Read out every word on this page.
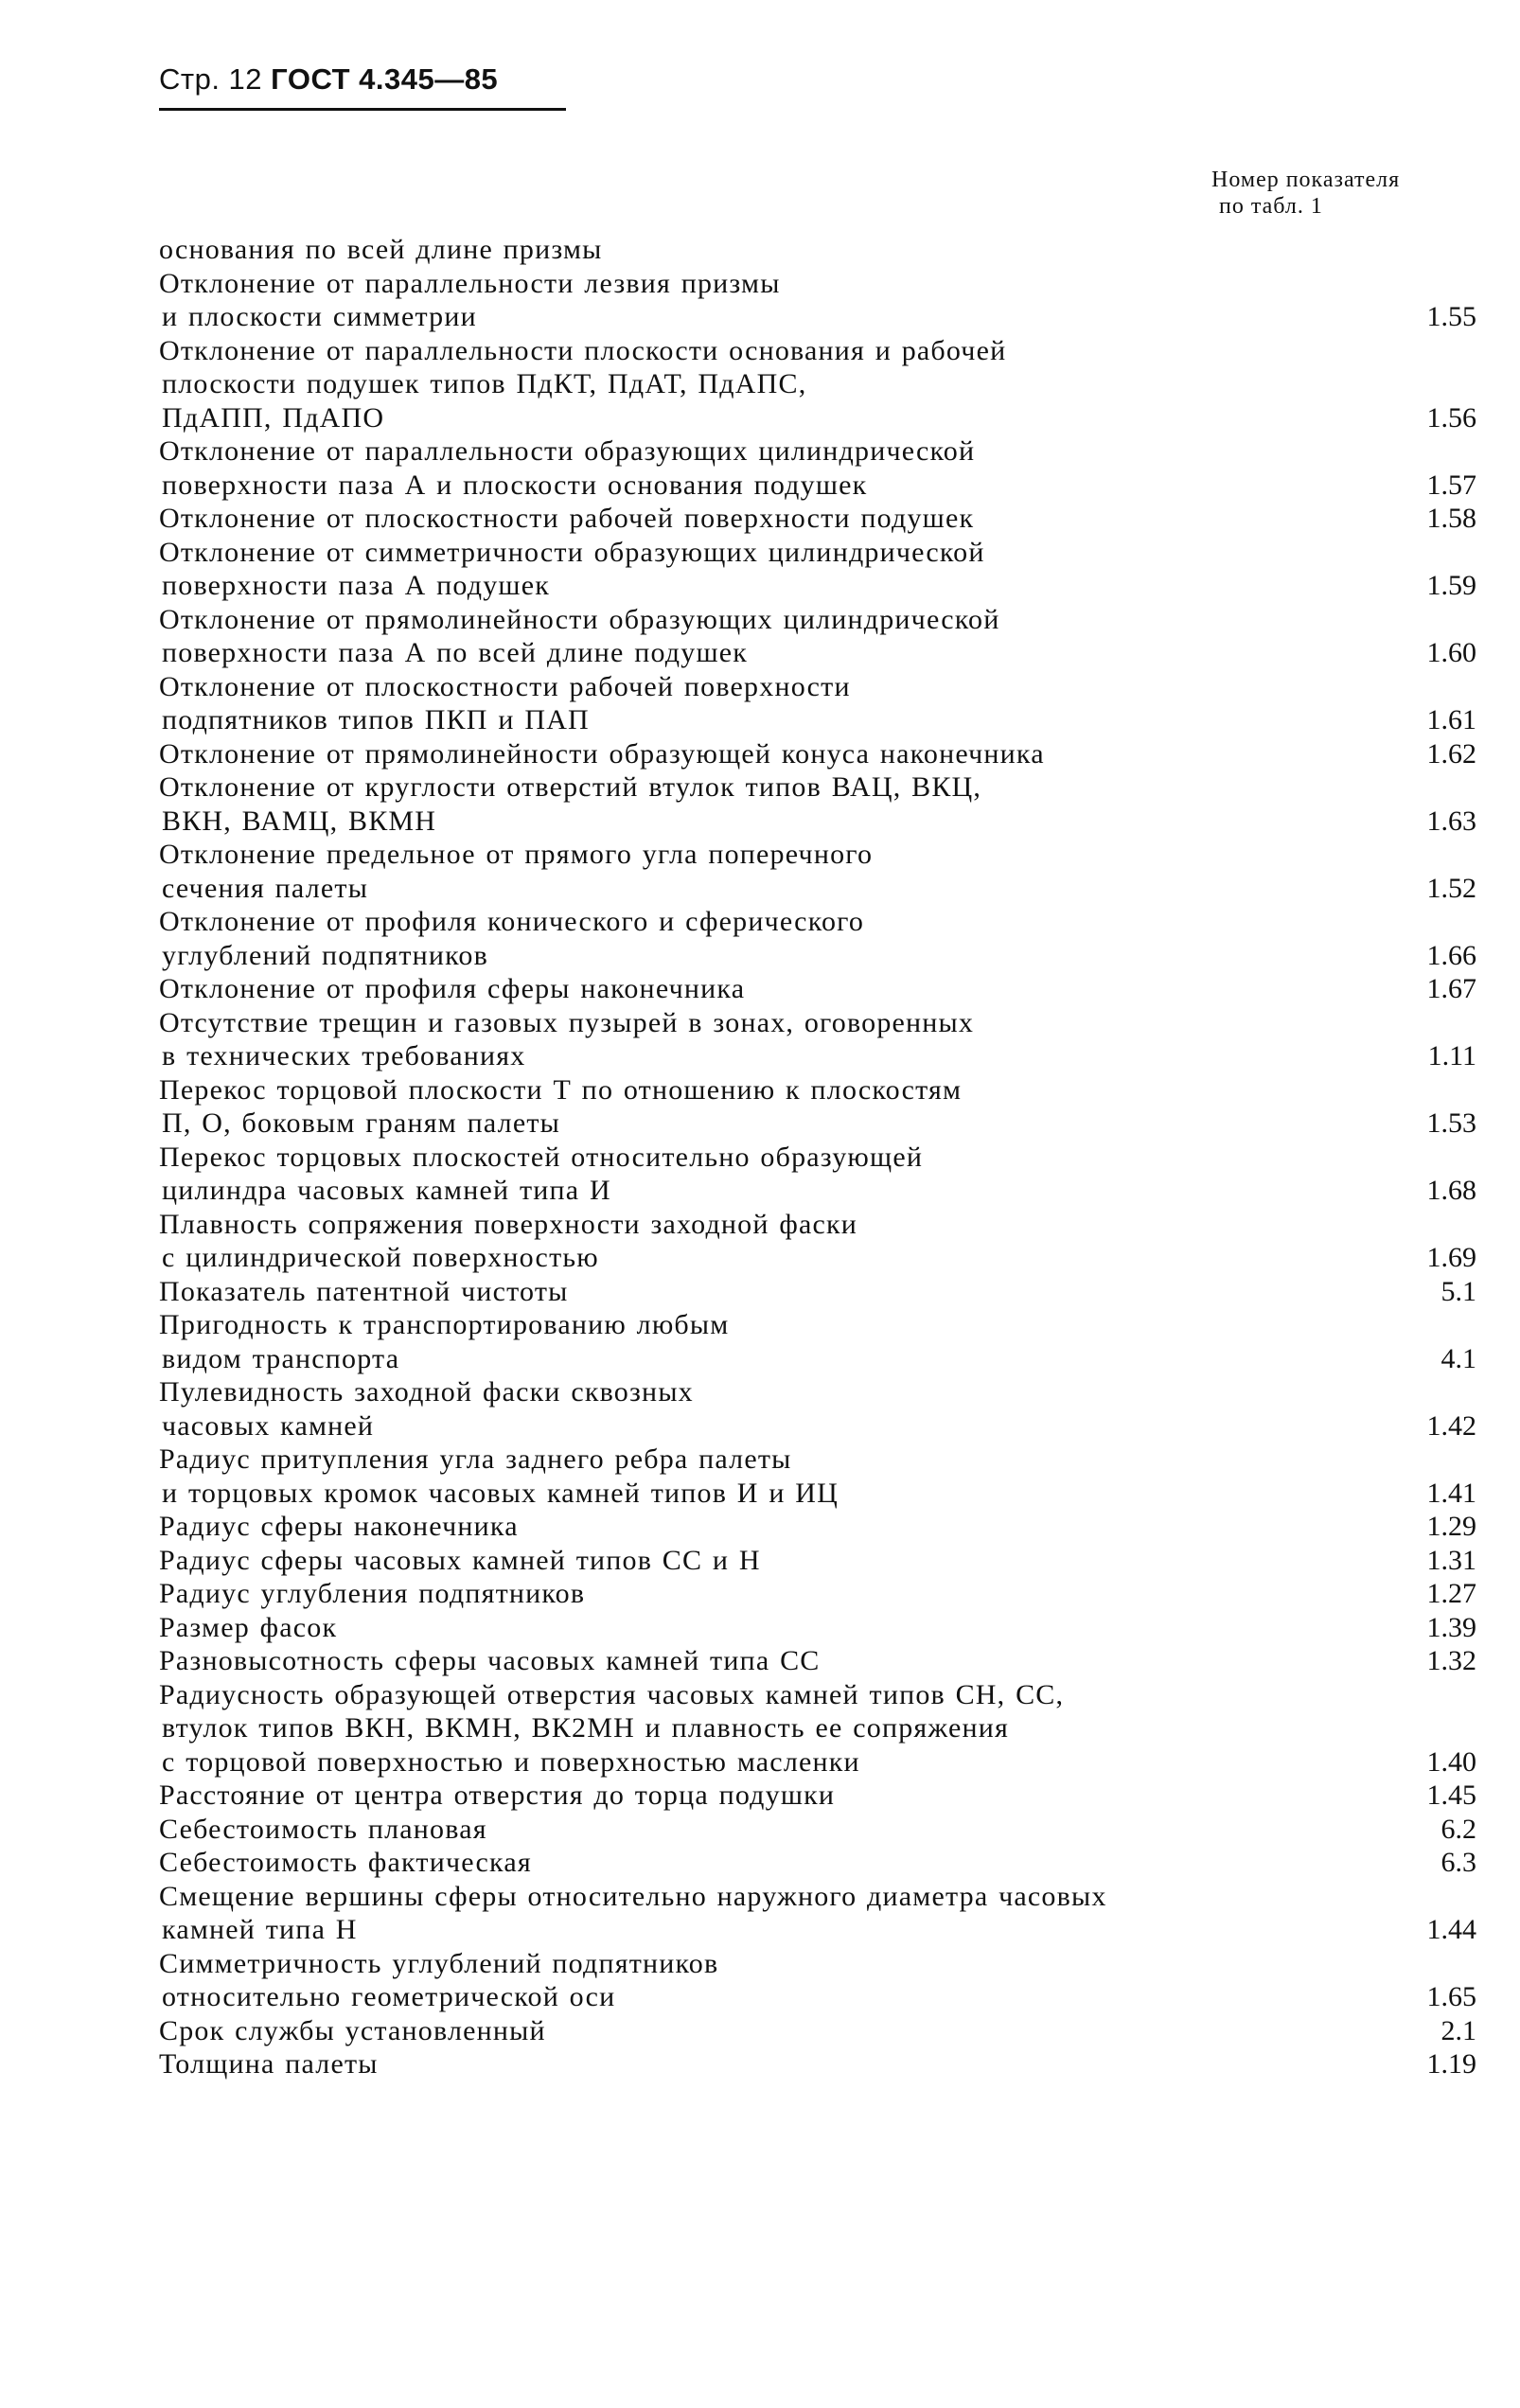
Стр. 12 ГОСТ 4.345—85
Номер показателя
по табл. 1
основания по всей длине призмы
Отклонение от параллельности лезвия призмы
и плоскости симметрии	1.55
Отклонение от параллельности плоскости основания и рабочей
плоскости подушек типов ПдКТ, ПдАТ, ПдАПС,
ПдАПП, ПдАПО	1.56
Отклонение от параллельности образующих цилиндрической
поверхности паза А и плоскости основания подушек	1.57
Отклонение от плоскостности рабочей поверхности подушек	1.58
Отклонение от симметричности образующих цилиндрической
поверхности паза А подушек	1.59
Отклонение от прямолинейности образующих цилиндрической
поверхности паза А по всей длине подушек	1.60
Отклонение от плоскостности рабочей поверхности
подпятников типов ПКП и ПАП	1.61
Отклонение от прямолинейности образующей конуса наконечника	1.62
Отклонение от круглости отверстий втулок типов ВАЦ, ВКЦ,
ВКН, ВАМЦ, ВКМН	1.63
Отклонение предельное от прямого угла поперечного
сечения палеты	1.52
Отклонение от профиля конического и сферического
углублений подпятников	1.66
Отклонение от профиля сферы наконечника	1.67
Отсутствие трещин и газовых пузырей в зонах, оговоренных
в технических требованиях	1.11
Перекос торцовой плоскости Т по отношению к плоскостям
П, О, боковым граням палеты	1.53
Перекос торцовых плоскостей относительно образующей
цилиндра часовых камней типа И	1.68
Плавность сопряжения поверхности заходной фаски
с цилиндрической поверхностью	1.69
Показатель патентной чистоты	5.1
Пригодность к транспортированию любым
видом транспорта	4.1
Пулевидность заходной фаски сквозных
часовых камней	1.42
Радиус притупления угла заднего ребра палеты
и торцовых кромок часовых камней типов И и ИЦ	1.41
Радиус сферы наконечника	1.29
Радиус сферы часовых камней типов СС и Н	1.31
Радиус углубления подпятников	1.27
Размер фасок	1.39
Разновысотность сферы часовых камней типа СС	1.32
Радиусность образующей отверстия часовых камней типов СН, СС,
втулок типов ВКН, ВКМН, ВК2МН и плавность ее сопряжения
с торцовой поверхностью и поверхностью масленки	1.40
Расстояние от центра отверстия до торца подушки	1.45
Себестоимость плановая	6.2
Себестоимость фактическая	6.3
Смещение вершины сферы относительно наружного диаметра часовых
камней типа Н	1.44
Симметричность углублений подпятников
относительно геометрической оси	1.65
Срок службы установленный	2.1
Толщина палеты	1.19
